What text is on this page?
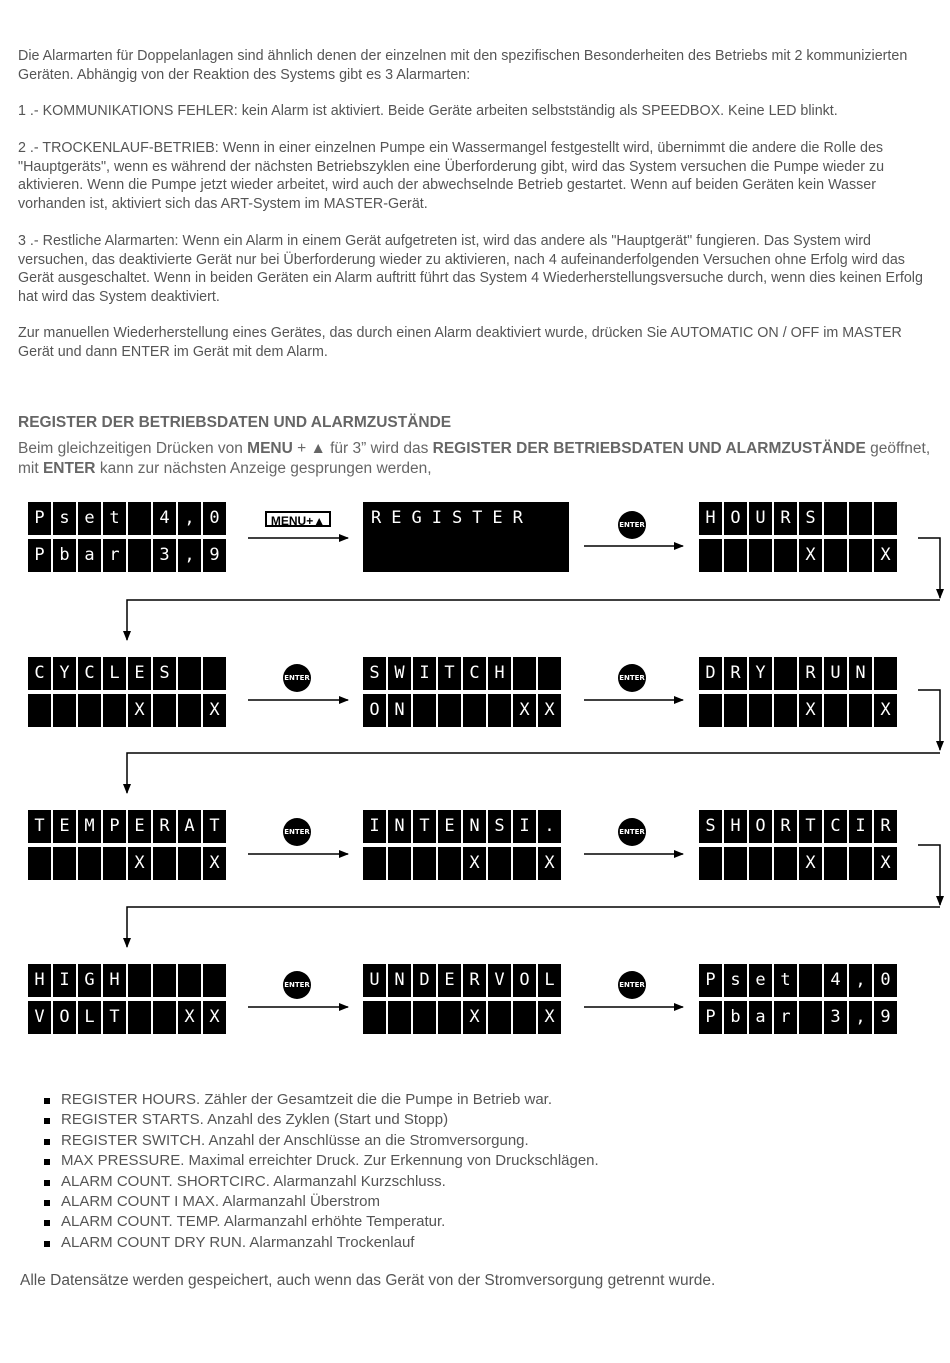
Die Alarmarten für Doppelanlagen sind ähnlich denen der einzelnen mit den spezifischen Besonderheiten des Betriebs mit 2 kommunizierten Geräten. Abhängig von der Reaktion des Systems gibt es 3 Alarmarten:

1 .- KOMMUNIKATIONS FEHLER: kein Alarm ist aktiviert. Beide Geräte arbeiten selbstständig als SPEEDBOX. Keine LED blinkt.

2 .- TROCKENLAUF-BETRIEB: Wenn in einer einzelnen Pumpe ein Wassermangel festgestellt wird, übernimmt die andere die Rolle des "Hauptgeräts", wenn es während der nächsten Betriebszyklen eine Überforderung gibt, wird das System versuchen die Pumpe wieder zu aktivieren. Wenn die Pumpe jetzt wieder arbeitet, wird auch der abwechselnde Betrieb gestartet. Wenn auf beiden Geräten kein Wasser vorhanden ist, aktiviert sich das ART-System im MASTER-Gerät.

3 .- Restliche Alarmarten: Wenn ein Alarm in einem Gerät aufgetreten ist, wird das andere als "Hauptgerät" fungieren. Das System wird versuchen, das deaktivierte Gerät nur bei Überforderung wieder zu aktivieren, nach 4 aufeinanderfolgenden Versuchen ohne Erfolg wird das Gerät ausgeschaltet. Wenn in beiden Geräten ein Alarm auftritt führt das System 4 Wiederherstellungsversuche durch, wenn dies keinen Erfolg hat wird das System deaktiviert.

Zur manuellen Wiederherstellung eines Gerätes, das durch einen Alarm deaktiviert wurde, drücken Sie AUTOMATIC ON / OFF im MASTER Gerät und dann ENTER im Gerät mit dem Alarm.

REGISTER DER BETRIEBSDATEN UND ALARMZUSTÄNDE

Beim gleichzeitigen Drücken von MENU + ▲ für 3” wird das REGISTER DER BETRIEBSDATEN UND ALARMZUSTÄNDE geöffnet, mit ENTER kann zur nächsten Anzeige gesprungen werden,

MENU+▲
P s e t	4 , 0
P b a r	3 , 9
REGISTER	H O U R S
X	X
C Y C L E S
X	X
S W I T C H
O N	X X
D R Y	R U N
X	X
T E M P E R A T
X	X
I N T E N S I .
X	X
S H O R T C I R
X	X
H I G H
V O L T	X X
U N D E R V O L
X	X
P s e t	4 , 0
P b a r	3 , 9
ENTER
ENTER	ENTER
ENTER	ENTER
ENTER	ENTER
REGISTER HOURS. Zähler der Gesamtzeit die die Pumpe in Betrieb war.
REGISTER STARTS. Anzahl des Zyklen (Start und Stopp)
REGISTER SWITCH. Anzahl der Anschlüsse an die Stromversorgung.
MAX PRESSURE. Maximal erreichter Druck. Zur Erkennung von Druckschlägen.
ALARM COUNT. SHORTCIRC. Alarmanzahl Kurzschluss.
ALARM COUNT I MAX. Alarmanzahl Überstrom
ALARM COUNT. TEMP. Alarmanzahl erhöhte Temperatur.
ALARM COUNT DRY RUN. Alarmanzahl Trockenlauf

Alle Datensätze werden gespeichert, auch wenn das Gerät von der Stromversorgung getrennt wurde.
